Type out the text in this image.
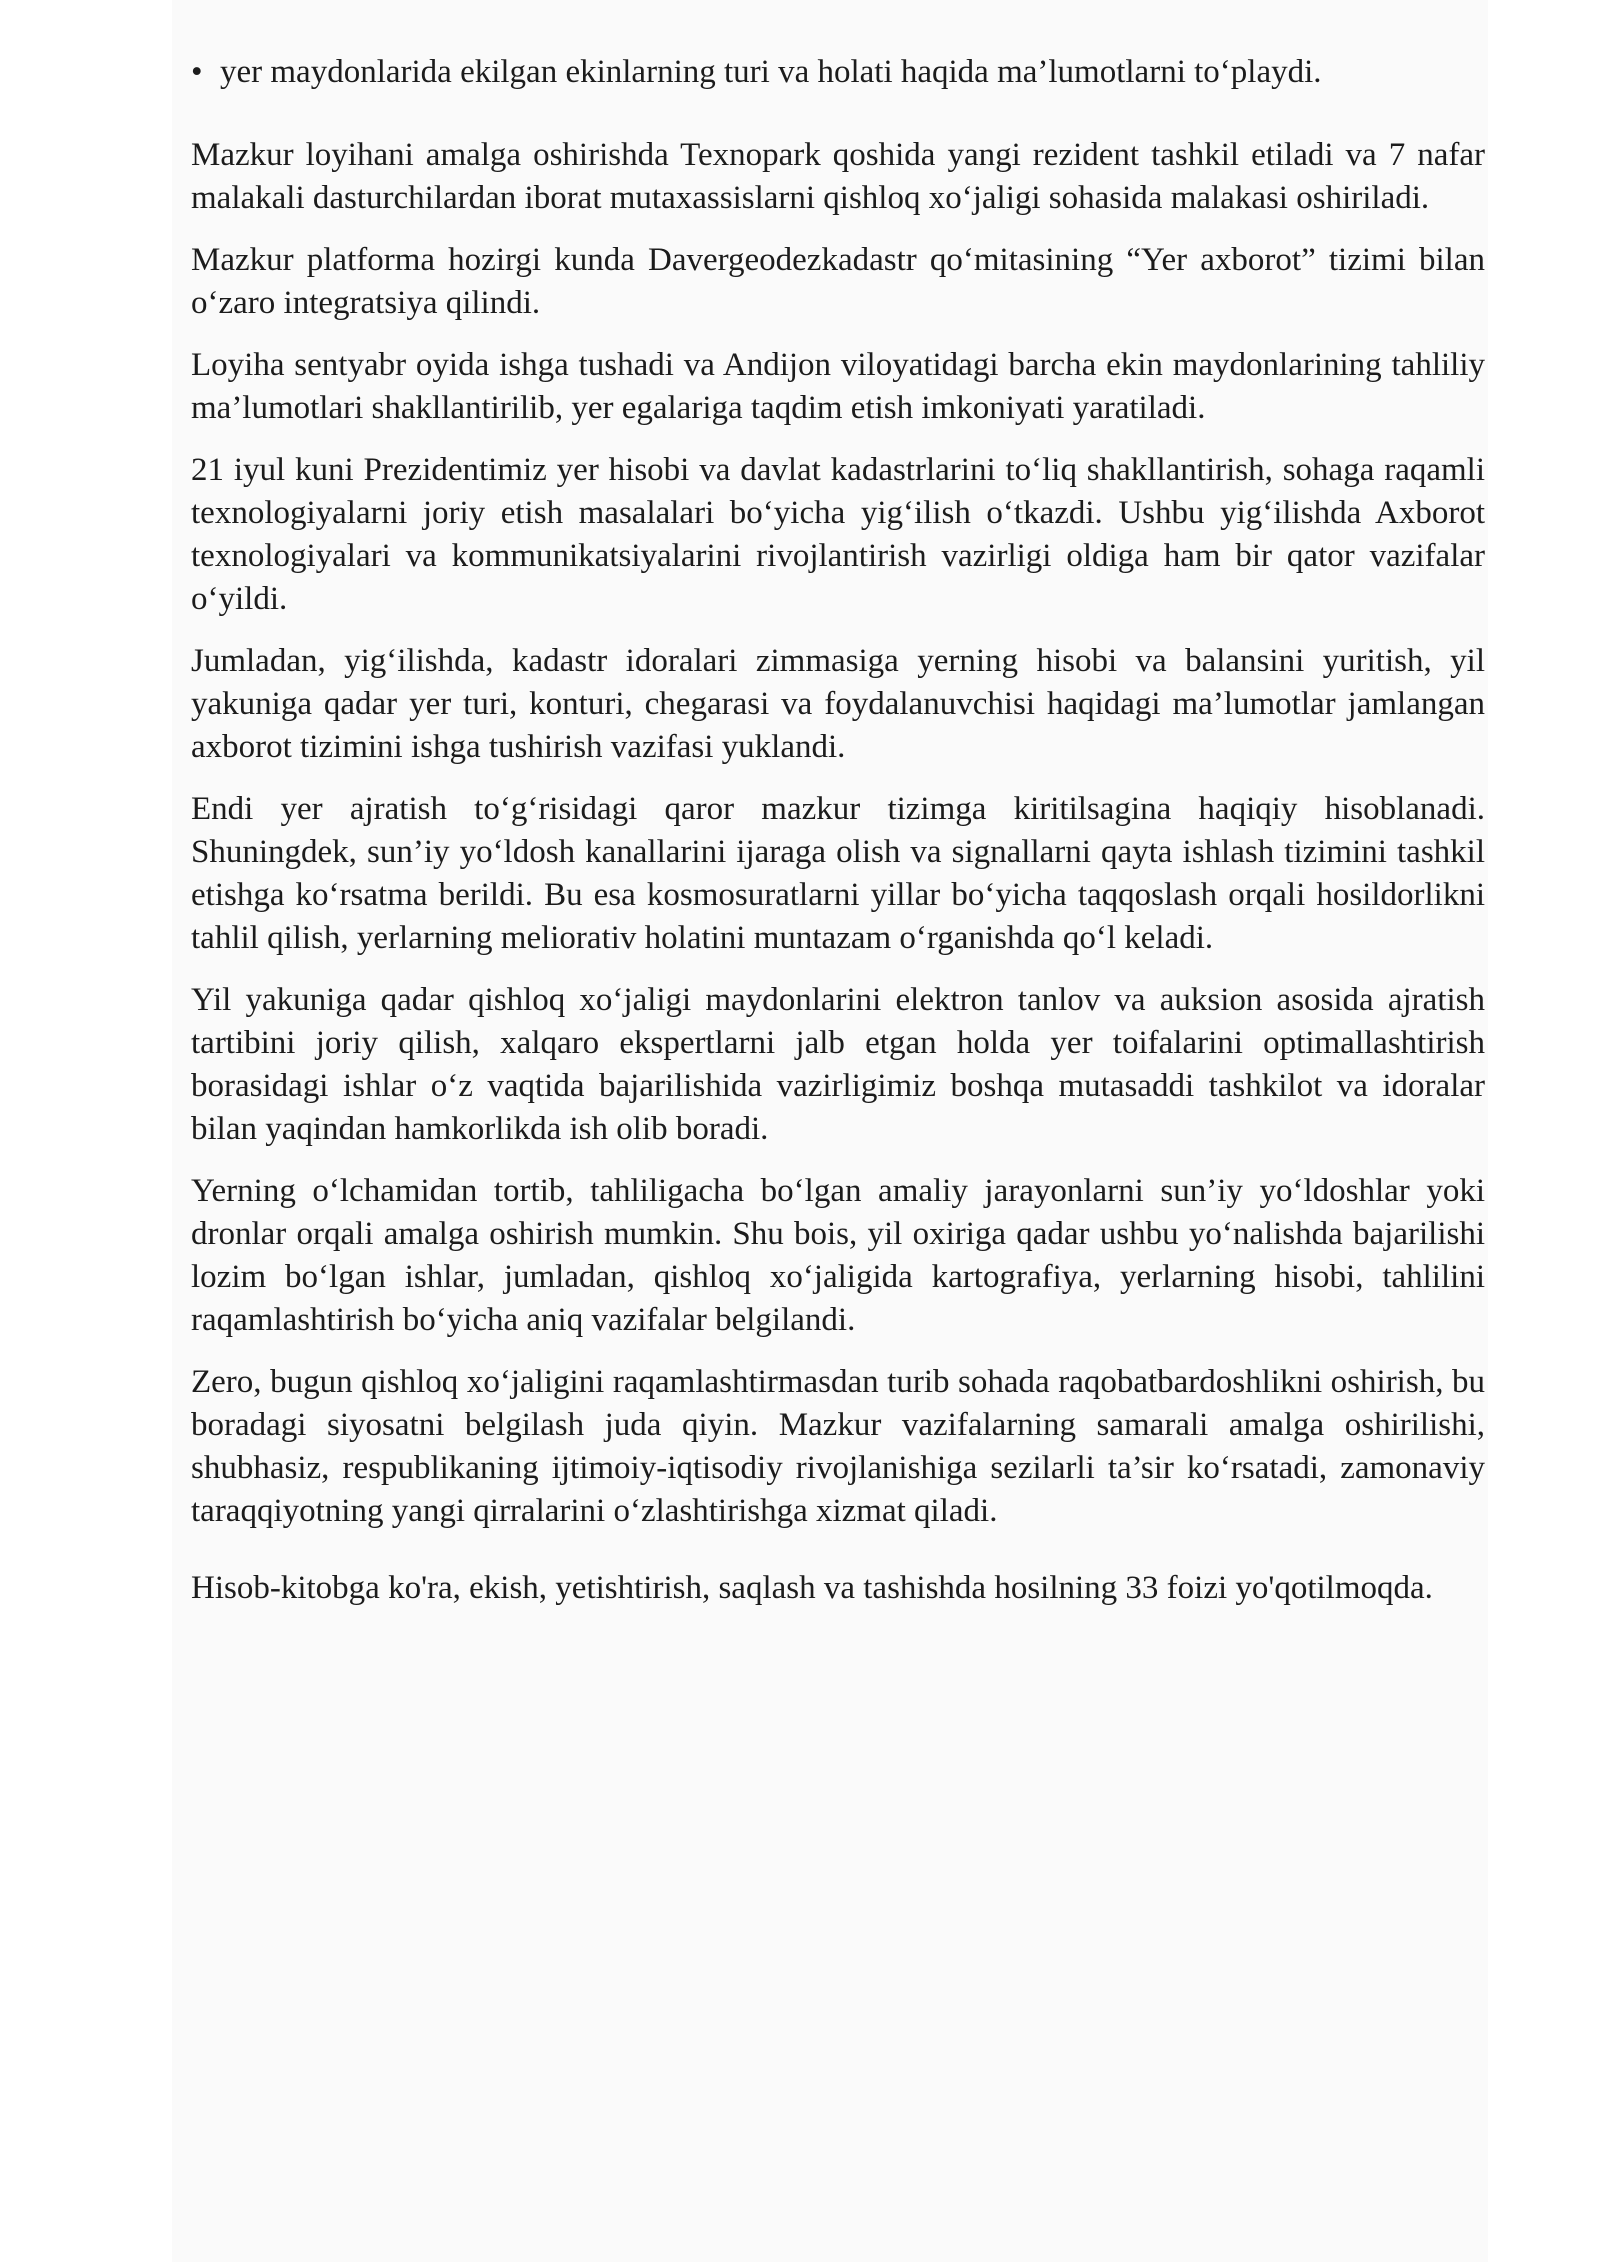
• yer maydonlarida ekilgan ekinlarning turi va holati haqida ma’lumotlarni to‘playdi.

Mazkur loyihani amalga oshirishda Texnopark qoshida yangi rezident tashkil etiladi va 7 nafar malakali dasturchilardan iborat mutaxassislarni qishloq xo‘jaligi sohasida malakasi oshiriladi.

Mazkur platforma hozirgi kunda Davergeodezkadastr qo‘mitasining “Yer axborot” tizimi bilan o‘zaro integratsiya qilindi.

Loyiha sentyabr oyida ishga tushadi va Andijon viloyatidagi barcha ekin maydonlarining tahliliy ma’lumotlari shakllantirilib, yer egalariga taqdim etish imkoniyati yaratiladi.

21 iyul kuni Prezidentimiz yer hisobi va davlat kadastrlarini to‘liq shakllantirish, sohaga raqamli texnologiyalarni joriy etish masalalari bo‘yicha yig‘ilish o‘tkazdi. Ushbu yig‘ilishda Axborot texnologiyalari va kommunikatsiyalarini rivojlantirish vazirligi oldiga ham bir qator vazifalar o‘yildi.

Jumladan, yig‘ilishda, kadastr idoralari zimmasiga yerning hisobi va balansini yuritish, yil yakuniga qadar yer turi, konturi, chegarasi va foydalanuvchisi haqidagi ma’lumotlar jamlangan axborot tizimini ishga tushirish vazifasi yuklandi.

Endi yer ajratish to‘g‘risidagi qaror mazkur tizimga kiritilsagina haqiqiy hisoblanadi. Shuningdek, sun’iy yo‘ldosh kanallarini ijaraga olish va signallarni qayta ishlash tizimini tashkil etishga ko‘rsatma berildi. Bu esa kosmosuratlarni yillar bo‘yicha taqqoslash orqali hosildorlikni tahlil qilish, yerlarning meliorativ holatini muntazam o‘rganishda qo‘l keladi.

Yil yakuniga qadar qishloq xo‘jaligi maydonlarini elektron tanlov va auksion asosida ajratish tartibini joriy qilish, xalqaro ekspertlarni jalb etgan holda yer toifalarini optimallashtirish borasidagi ishlar o‘z vaqtida bajarilishida vazirligimiz boshqa mutasaddi tashkilot va idoralar bilan yaqindan hamkorlikda ish olib boradi.

Yerning o‘lchamidan tortib, tahliligacha bo‘lgan amaliy jarayonlarni sun’iy yo‘ldoshlar yoki dronlar orqali amalga oshirish mumkin. Shu bois, yil oxiriga qadar ushbu yo‘nalishda bajarilishi lozim bo‘lgan ishlar, jumladan, qishloq xo‘jaligida kartografiya, yerlarning hisobi, tahlilini raqamlashtirish bo‘yicha aniq vazifalar belgilandi.

Zero, bugun qishloq xo‘jaligini raqamlashtirmasdan turib sohada raqobatbardoshlikni oshirish, bu boradagi siyosatni belgilash juda qiyin. Mazkur vazifalarning samarali amalga oshirilishi, shubhasiz, respublikaning ijtimoiy-iqtisodiy rivojlanishiga sezilarli ta’sir ko‘rsatadi, zamonaviy taraqqiyotning yangi qirralarini o‘zlashtirishga xizmat qiladi.

Hisob-kitobga ko'ra, ekish, yetishtirish, saqlash va tashishda hosilning 33 foizi yo'qotilmoqda.
